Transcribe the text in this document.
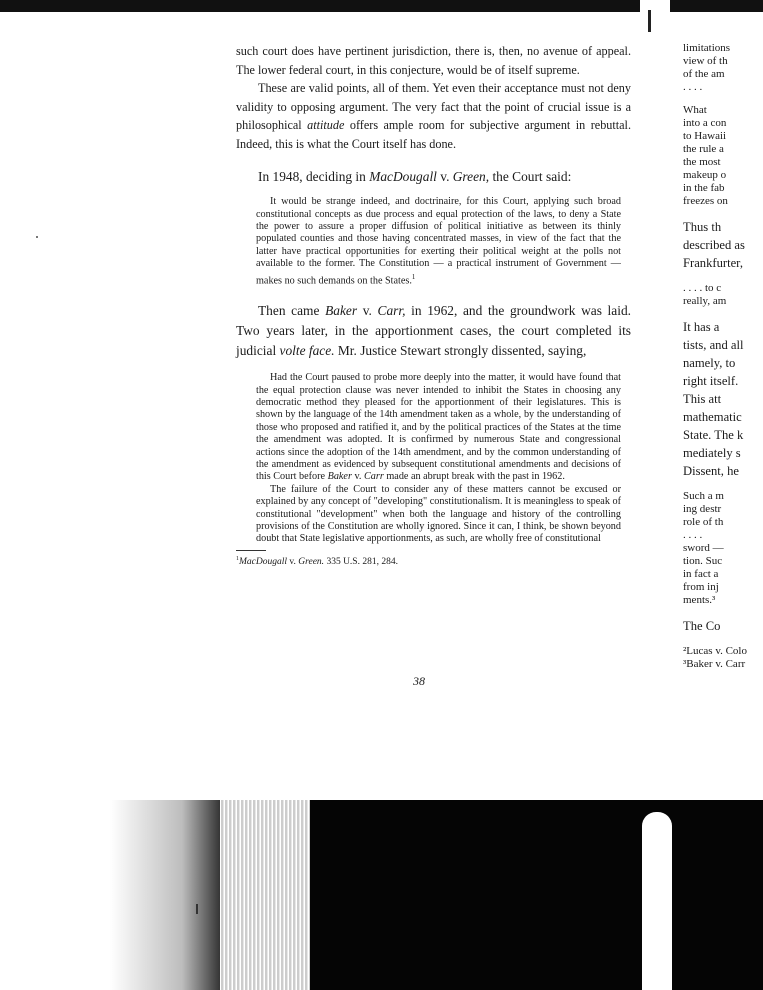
such court does have pertinent jurisdiction, there is, then, no avenue of appeal. The lower federal court, in this conjecture, would be of itself supreme.

These are valid points, all of them. Yet even their acceptance must not deny validity to opposing argument. The very fact that the point of crucial issue is a philosophical attitude offers ample room for subjective argument in rebuttal. Indeed, this is what the Court itself has done.

In 1948, deciding in MacDougall v. Green, the Court said:

It would be strange indeed, and doctrinaire, for this Court, applying such broad constitutional concepts as due process and equal protection of the laws, to deny a State the power to assure a proper diffusion of political initiative as between its thinly populated counties and those having concentrated masses, in view of the fact that the latter have practical opportunities for exerting their political weight at the polls not available to the former. The Constitution — a practical instrument of Government — makes no such demands on the States.$^1$

Then came Baker v. Carr, in 1962, and the groundwork was laid. Two years later, in the apportionment cases, the court completed its judicial volte face. Mr. Justice Stewart strongly dissented, saying,

Had the Court paused to probe more deeply into the matter, it would have found that the equal protection clause was never intended to inhibit the States in choosing any democratic method they pleased for the apportionment of their legislatures. This is shown by the language of the 14th amendment taken as a whole, by the understanding of those who proposed and ratified it, and by the political practices of the States at the time the amendment was adopted. It is confirmed by numerous State and congressional actions since the adoption of the 14th amendment, and by the common understanding of the amendment as evidenced by subsequent constitutional amendments and decisions of this Court before Baker v. Carr made an abrupt break with the past in 1962.

The failure of the Court to consider any of these matters cannot be excused or explained by any concept of "developing" constitutionalism. It is meaningless to speak of constitutional "development" when both the language and history of the controlling provisions of the Constitution are wholly ignored. Since it can, I think, be shown beyond doubt that State legislative apportionments, as such, are wholly free of constitutional

$^1$MacDougall v. Green. 335 U.S. 281, 284.
38
limitations
view of th
of the am
. . . .
What
into a con
to Hawaii
the rule a
the most
makeup o
in the fab
freezes on
Thus th
described as
Frankfurter,
. . . . to c
really, am
It has a
tists, and all
namely, to
right itself.
This att
mathematic
State. The k
mediately s
Dissent, he
Such a m
ing destr
role of th
. . . .
sword —
tion. Suc
in fact a
from inj
ments.³
The Co
²Lucas v. Colo
³Baker v. Carr
